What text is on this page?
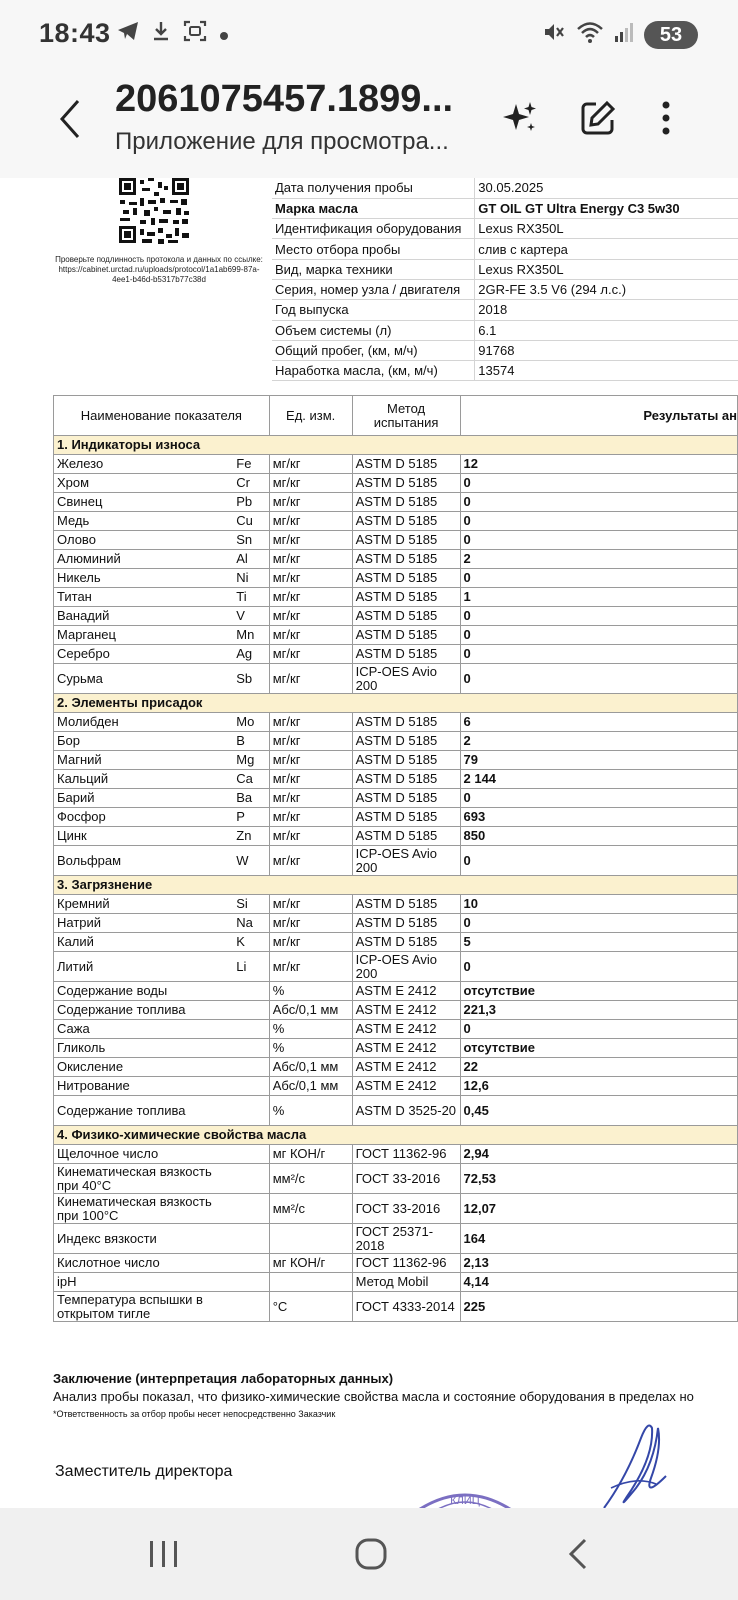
18:43	53
2061075457.1899...
Приложение для просмотра...
Проверьте подлинность протокола и данных по ссылке: https://cabinet.urctad.ru/uploads/protocol/1a1ab699-87a-4ee1-b46d-b5317b77c38d
Дата получения пробы	30.05.2025
Марка масла	GT OIL GT Ultra Energy C3 5w30
Идентификация оборудования	Lexus RX350L
Место отбора пробы	слив с картера
Вид, марка техники	Lexus RX350L
Серия, номер узла / двигателя	2GR-FE 3.5 V6 (294 л.с.)
Год выпуска	2018
Объем системы (л)	6.1
Общий пробег, (км, м/ч)	91768
Наработка масла, (км, м/ч)	13574
Наименование показателя		Ед. изм.	Метод испытания	Результаты ан
1. Индикаторы износа				
Железо	Fe	мг/кг	ASTM D 5185	12
Хром	Cr	мг/кг	ASTM D 5185	0
Свинец	Pb	мг/кг	ASTM D 5185	0
Медь	Cu	мг/кг	ASTM D 5185	0
Олово	Sn	мг/кг	ASTM D 5185	0
Алюминий	Al	мг/кг	ASTM D 5185	2
Никель	Ni	мг/кг	ASTM D 5185	0
Титан	Ti	мг/кг	ASTM D 5185	1
Ванадий	V	мг/кг	ASTM D 5185	0
Марганец	Mn	мг/кг	ASTM D 5185	0
Серебро	Ag	мг/кг	ASTM D 5185	0
Сурьма	Sb	мг/кг	ICP-OES Avio 200	0
2. Элементы присадок				
Молибден	Mo	мг/кг	ASTM D 5185	6
Бор	B	мг/кг	ASTM D 5185	2
Магний	Mg	мг/кг	ASTM D 5185	79
Кальций	Ca	мг/кг	ASTM D 5185	2 144
Барий	Ba	мг/кг	ASTM D 5185	0
Фосфор	P	мг/кг	ASTM D 5185	693
Цинк	Zn	мг/кг	ASTM D 5185	850
Вольфрам	W	мг/кг	ICP-OES Avio 200	0
3. Загрязнение				
Кремний	Si	мг/кг	ASTM D 5185	10
Натрий	Na	мг/кг	ASTM D 5185	0
Калий	K	мг/кг	ASTM D 5185	5
Литий	Li	мг/кг	ICP-OES Avio 200	0
Содержание воды		%	ASTM E 2412	отсутствие
Содержание топлива		Абс/0,1 мм	ASTM E 2412	221,3
Сажа		%	ASTM E 2412	0
Гликоль		%	ASTM E 2412	отсутствие
Окисление		Абс/0,1 мм	ASTM E 2412	22
Нитрование		Абс/0,1 мм	ASTM E 2412	12,6
Содержание топлива		%	ASTM D 3525-20	0,45
4. Физико-химические свойства масла				
Щелочное число		мг КОН/г	ГОСТ 11362-96	2,94
Кинематическая вязкость при 40°C		мм²/с	ГОСТ 33-2016	72,53
Кинематическая вязкость при 100°C		мм²/с	ГОСТ 33-2016	12,07
Индекс вязкости			ГОСТ 25371-2018	164
Кислотное число		мг КОН/г	ГОСТ 11362-96	2,13
ipH			Метод Mobil	4,14
Температура вспышки в открытом тигле		°С	ГОСТ 4333-2014	225
Заключение (интерпретация лабораторных данных)
Анализ пробы показал, что физико-химические свойства масла и состояние оборудования в пределах но
*Ответственность за отбор пробы несет непосредственно Заказчик
Заместитель директора
КЛИЦ
